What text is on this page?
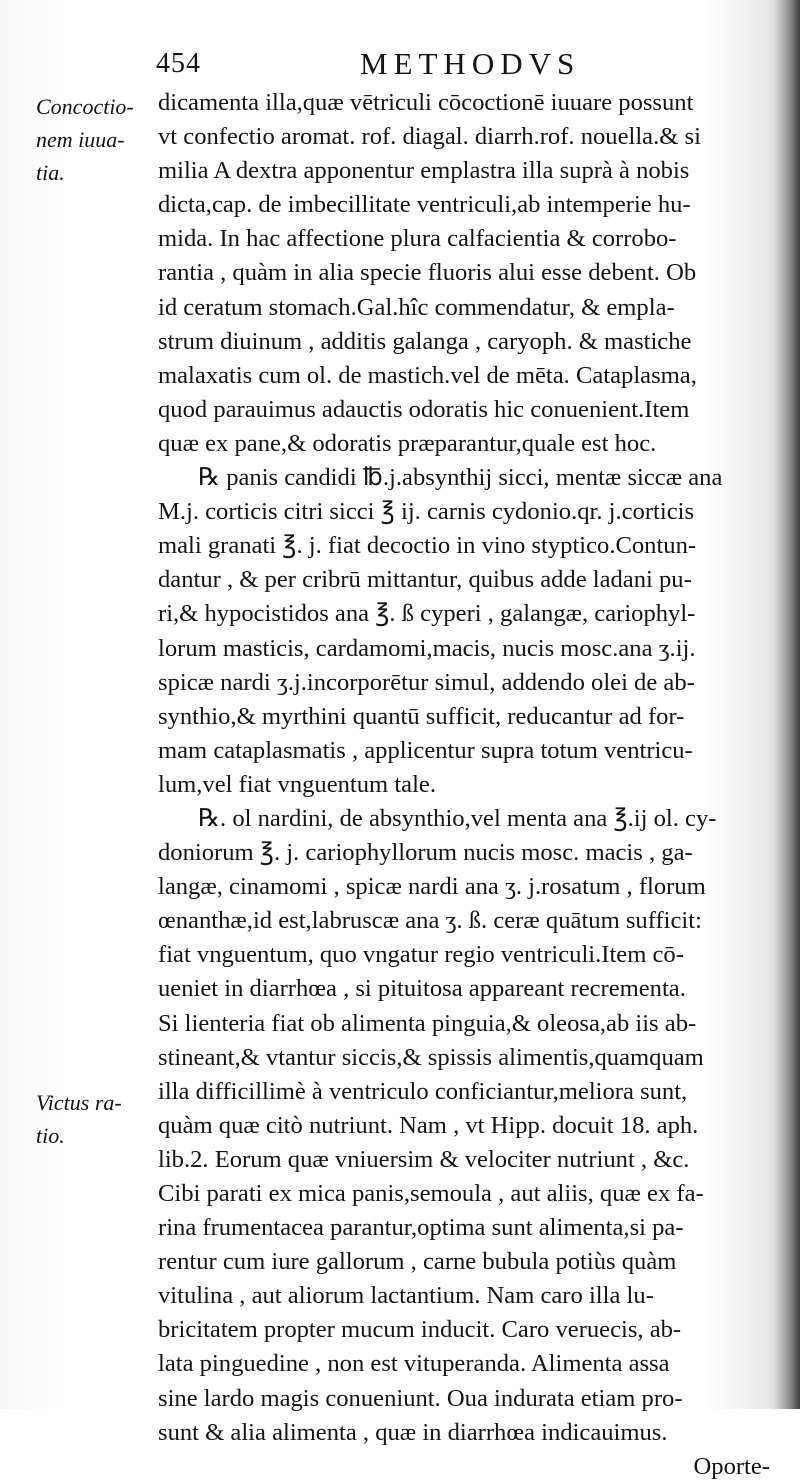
454	METHODVS
Concoctio-
nem iuua-
tia.
Victus ra-
tio.
dicamenta illa,quæ vētriculi cōcoctionē iuuare possunt
vt confectio aromat. rof. diagal. diarrh.rof. nouella.& si
milia A dextra apponentur emplastra illa suprà à nobis
dicta,cap. de imbecillitate ventriculi,ab intemperie hu-
mida. In hac affectione plura calfacientia & corrobo-
rantia , quàm in alia specie fluoris alui esse debent. Ob
id ceratum stomach.Gal.hîc commendatur, & empla-
strum diuinum , additis galanga , caryoph. & mastiche
malaxatis cum ol. de mastich.vel de mēta. Cataplasma,
quod parauimus adauctis odoratis hic conuenient.Item
quæ ex pane,& odoratis præparantur,quale est hoc.
℞ panis candidi ℔.j.absynthij sicci, mentæ siccæ ana
M.j. corticis citri sicci ℥ ij. carnis cydonio.qr. j.corticis
mali granati ℥. j. fiat decoctio in vino styptico.Contun-
dantur , & per cribrū mittantur, quibus adde ladani pu-
ri,& hypocistidos ana ℥. ß cyperi , galangæ, cariophyl-
lorum masticis, cardamomi,macis, nucis mosc.ana ʒ.ij.
spicæ nardi ʒ.j.incorporētur simul, addendo olei de ab-
synthio,& myrthini quantū sufficit, reducantur ad for-
mam cataplasmatis , applicentur supra totum ventricu-
lum,vel fiat vnguentum tale.
℞. ol nardini, de absynthio,vel menta ana ℥.ij ol. cy-
doniorum ℥. j. cariophyllorum nucis mosc. macis , ga-
langæ, cinamomi , spicæ nardi ana ʒ. j.rosatum , florum
œnanthæ,id est,labruscæ ana ʒ. ß. ceræ quātum sufficit:
fiat vnguentum, quo vngatur regio ventriculi.Item cō-
ueniet in diarrhœa , si pituitosa appareant recrementa.
Si lienteria fiat ob alimenta pinguia,& oleosa,ab iis ab-
stineant,& vtantur siccis,& spissis alimentis,quamquam
illa difficillimè à ventriculo conficiantur,meliora sunt,
quàm quæ citò nutriunt. Nam , vt Hipp. docuit 18. aph.
lib.2. Eorum quæ vniuersim & velociter nutriunt , &c.
Cibi parati ex mica panis,semoula , aut aliis, quæ ex fa-
rina frumentacea parantur,optima sunt alimenta,si pa-
rentur cum iure gallorum , carne bubula potiùs quàm
vitulina , aut aliorum lactantium. Nam caro illa lu-
bricitatem propter mucum inducit. Caro veruecis, ab-
lata pinguedine , non est vituperanda. Alimenta assa
sine lardo magis conueniunt. Oua indurata etiam pro-
sunt & alia alimenta , quæ in diarrhœa indicauimus.
Oporte-
